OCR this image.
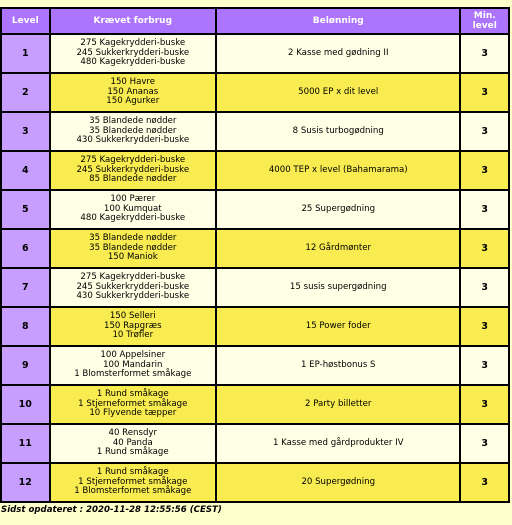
Level	Krævet forbrug	Belønning	Min. level
1	275 Kagekrydderi-buske
245 Sukkerkrydderi-buske
480 Kagekrydderi-buske	2 Kasse med gødning II	3
2	150 Havre
150 Ananas
150 Agurker	5000 EP x dit level	3
3	35 Blandede nødder
35 Blandede nødder
430 Sukkerkrydderi-buske	8 Susis turbogødning	3
4	275 Kagekrydderi-buske
245 Sukkerkrydderi-buske
85 Blandede nødder	4000 TEP x level (Bahamarama)	3
5	100 Pærer
100 Kumquat
480 Kagekrydderi-buske	25 Supergødning	3
6	35 Blandede nødder
35 Blandede nødder
150 Maniok	12 Gårdmønter	3
7	275 Kagekrydderi-buske
245 Sukkerkrydderi-buske
430 Sukkerkrydderi-buske	15 susis supergødning	3
8	150 Selleri
150 Rapgræs
10 Trøfler	15 Power foder	3
9	100 Appelsiner
100 Mandarin
1 Blomsterformet småkage	1 EP-høstbonus S	3
10	1 Rund småkage
1 Stjerneformet småkage
10 Flyvende tæpper	2 Party billetter	3
11	40 Rensdyr
40 Panda
1 Rund småkage	1 Kasse med gårdprodukter IV	3
12	1 Rund småkage
1 Stjerneformet småkage
1 Blomsterformet småkage	20 Supergødning	3
Sidst opdateret : 2020-11-28 12:55:56 (CEST)
